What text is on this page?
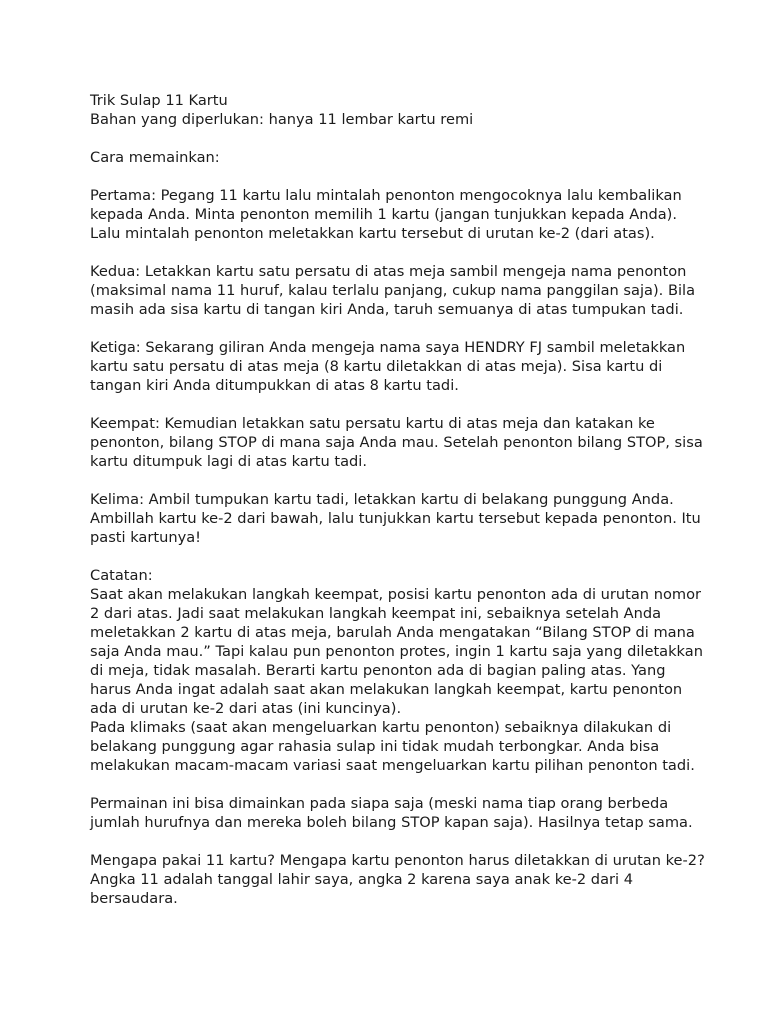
Trik Sulap 11 Kartu
Bahan yang diperlukan: hanya 11 lembar kartu remi

Cara memainkan:

Pertama: Pegang 11 kartu lalu mintalah penonton mengocoknya lalu kembalikan
kepada Anda. Minta penonton memilih 1 kartu (jangan tunjukkan kepada Anda).
Lalu mintalah penonton meletakkan kartu tersebut di urutan ke-2 (dari atas).

Kedua: Letakkan kartu satu persatu di atas meja sambil mengeja nama penonton
(maksimal nama 11 huruf, kalau terlalu panjang, cukup nama panggilan saja). Bila
masih ada sisa kartu di tangan kiri Anda, taruh semuanya di atas tumpukan tadi.

Ketiga: Sekarang giliran Anda mengeja nama saya HENDRY FJ sambil meletakkan
kartu satu persatu di atas meja (8 kartu diletakkan di atas meja). Sisa kartu di
tangan kiri Anda ditumpukkan di atas 8 kartu tadi.

Keempat: Kemudian letakkan satu persatu kartu di atas meja dan katakan ke
penonton, bilang STOP di mana saja Anda mau. Setelah penonton bilang STOP, sisa
kartu ditumpuk lagi di atas kartu tadi.

Kelima: Ambil tumpukan kartu tadi, letakkan kartu di belakang punggung Anda.
Ambillah kartu ke-2 dari bawah, lalu tunjukkan kartu tersebut kepada penonton. Itu
pasti kartunya!

Catatan:

Saat akan melakukan langkah keempat, posisi kartu penonton ada di urutan nomor
2 dari atas. Jadi saat melakukan langkah keempat ini, sebaiknya setelah Anda
meletakkan 2 kartu di atas meja, barulah Anda mengatakan “Bilang STOP di mana
saja Anda mau.” Tapi kalau pun penonton protes, ingin 1 kartu saja yang diletakkan
di meja, tidak masalah. Berarti kartu penonton ada di bagian paling atas. Yang
harus Anda ingat adalah saat akan melakukan langkah keempat, kartu penonton
ada di urutan ke-2 dari atas (ini kuncinya).

Pada klimaks (saat akan mengeluarkan kartu penonton) sebaiknya dilakukan di
belakang punggung agar rahasia sulap ini tidak mudah terbongkar. Anda bisa
melakukan macam-macam variasi saat mengeluarkan kartu pilihan penonton tadi.

Permainan ini bisa dimainkan pada siapa saja (meski nama tiap orang berbeda
jumlah hurufnya dan mereka boleh bilang STOP kapan saja). Hasilnya tetap sama.

Mengapa pakai 11 kartu? Mengapa kartu penonton harus diletakkan di urutan ke-2?
Angka 11 adalah tanggal lahir saya, angka 2 karena saya anak ke-2 dari 4
bersaudara.
